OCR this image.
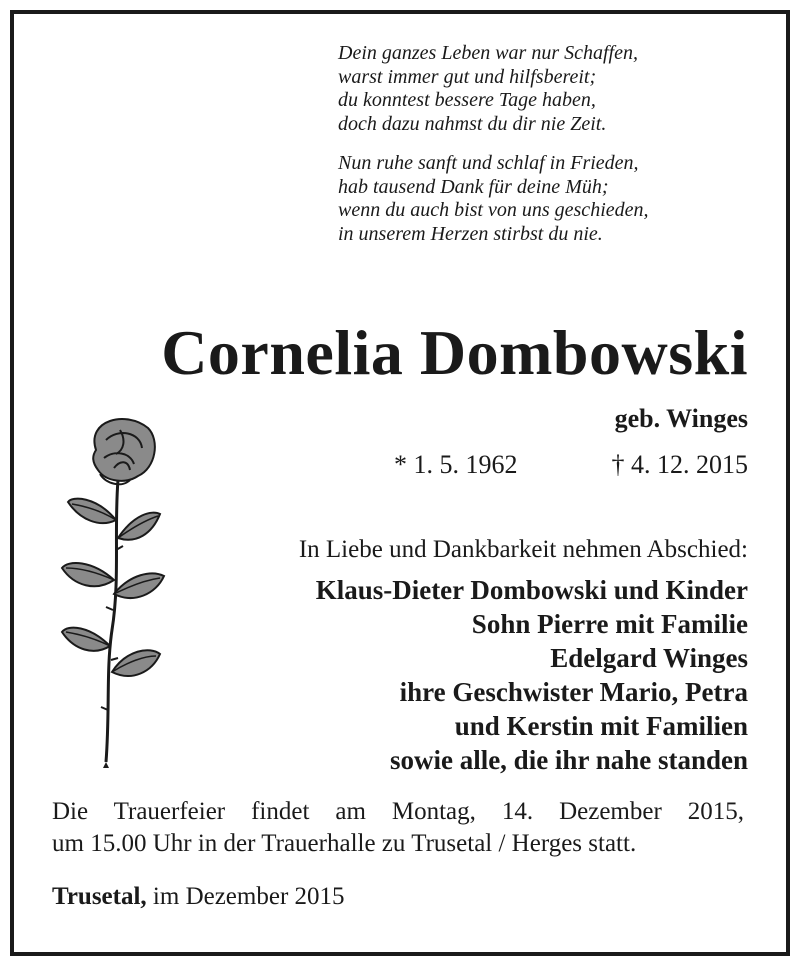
Dein ganzes Leben war nur Schaffen,
warst immer gut und hilfsbereit;
du konntest bessere Tage haben,
doch dazu nahmst du dir nie Zeit.
Nun ruhe sanft und schlaf in Frieden,
hab tausend Dank für deine Müh;
wenn du auch bist von uns geschieden,
in unserem Herzen stirbst du nie.
Cornelia Dombowski
geb. Winges
* 1. 5. 1962	† 4. 12. 2015
In Liebe und Dankbarkeit nehmen Abschied:
Klaus-Dieter Dombowski und Kinder
Sohn Pierre mit Familie
Edelgard Winges
ihre Geschwister Mario, Petra
und Kerstin mit Familien
sowie alle, die ihr nahe standen
Die Trauerfeier findet am Montag, 14. Dezember 2015,
um 15.00 Uhr in der Trauerhalle zu Trusetal / Herges statt.
Trusetal, im Dezember 2015
